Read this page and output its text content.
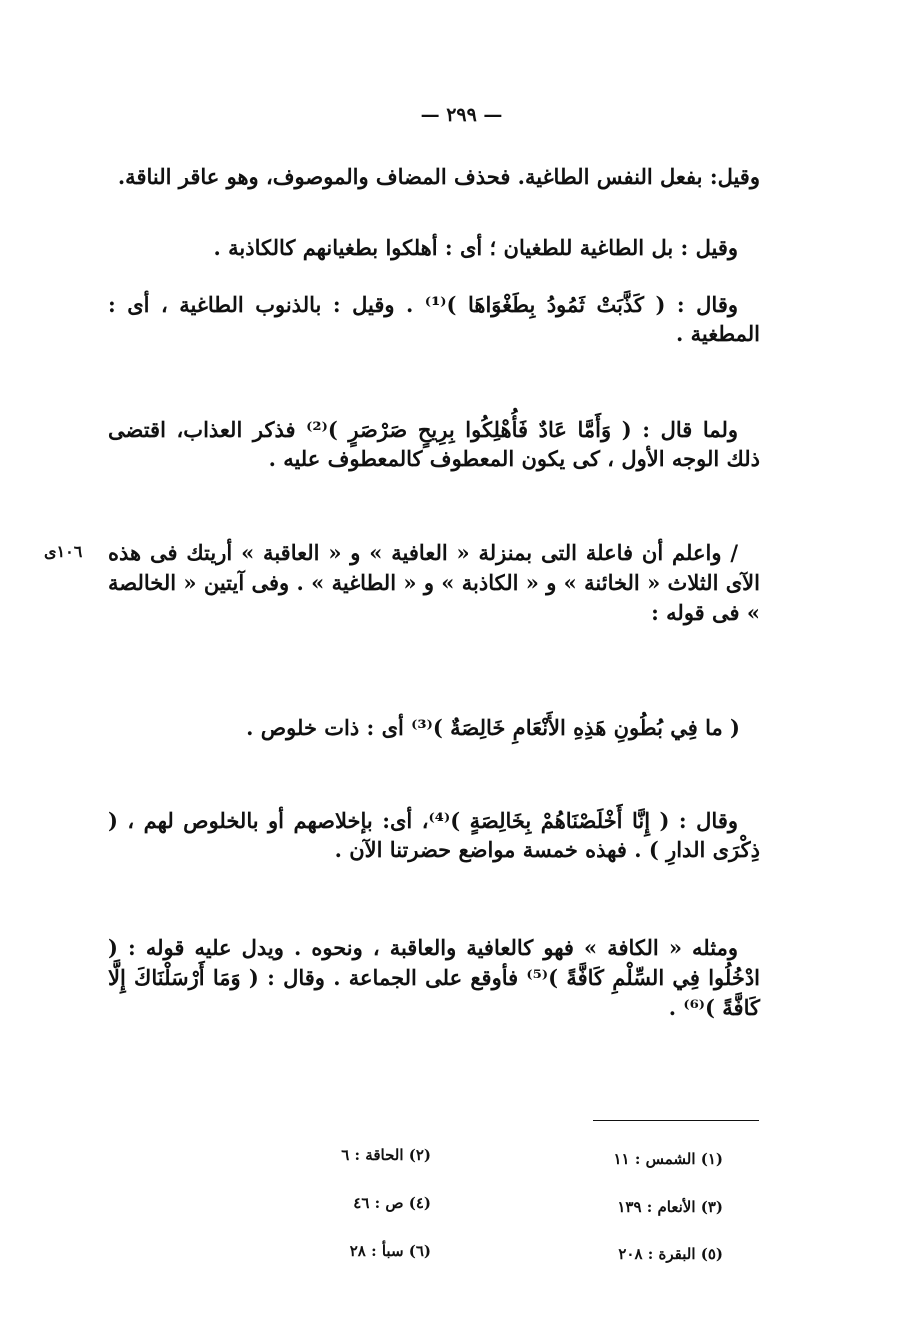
— ٢٩٩ —
وقيل: بفعل النفس الطاغية. فحذف المضاف والموصوف، وهو عاقر الناقة.
وقيل : بل الطاغية للطغيان ؛ أى : أهلكوا بطغيانهم كالكاذبة .
وقال : ( كَذَّبَتْ ثَمُودُ بِطَغْوَاهَا )⁽¹⁾ . وقيل : بالذنوب الطاغية ، أى : المطغية .
ولما قال : ( وَأَمَّا عَادٌ فَأُهْلِكُوا بِرِيحٍ صَرْصَرٍ )⁽²⁾ فذكر العذاب، اقتضى ذلك الوجه الأول ، كى يكون المعطوف كالمعطوف عليه .
١٠٦ى / واعلم أن فاعلة التى بمنزلة « العافية » و « العاقبة » أريتك فى هذه الآى الثلاث « الخائنة » و « الكاذبة » و « الطاغية » . وفى آيتين « الخالصة » فى قوله :
( ما فِي بُطُونِ هَذِهِ الأَنْعَامِ خَالِصَةٌ )⁽³⁾ أى : ذات خلوص .
وقال : ( إِنَّا أَخْلَصْنَاهُمْ بِخَالِصَةٍ )⁽⁴⁾، أى: بإخلاصهم أو بالخلوص لهم ، ( ذِكْرَى الدارِ ) . فهذه خمسة مواضع حضرتنا الآن .
ومثله « الكافة » فهو كالعافية والعاقبة ، ونحوه . ويدل عليه قوله : ( ادْخُلُوا فِي السِّلْمِ كَافَّةً )⁽⁵⁾ فأوقع على الجماعة . وقال : ( وَمَا أَرْسَلْنَاكَ إِلَّا كَافَّةً )⁽⁶⁾ .
(١) الشمس : ١١
(٢) الحاقة : ٦
(٣) الأنعام : ١٣٩
(٤) ص : ٤٦
(٥) البقرة : ٢٠٨
(٦) سبأ : ٢٨
